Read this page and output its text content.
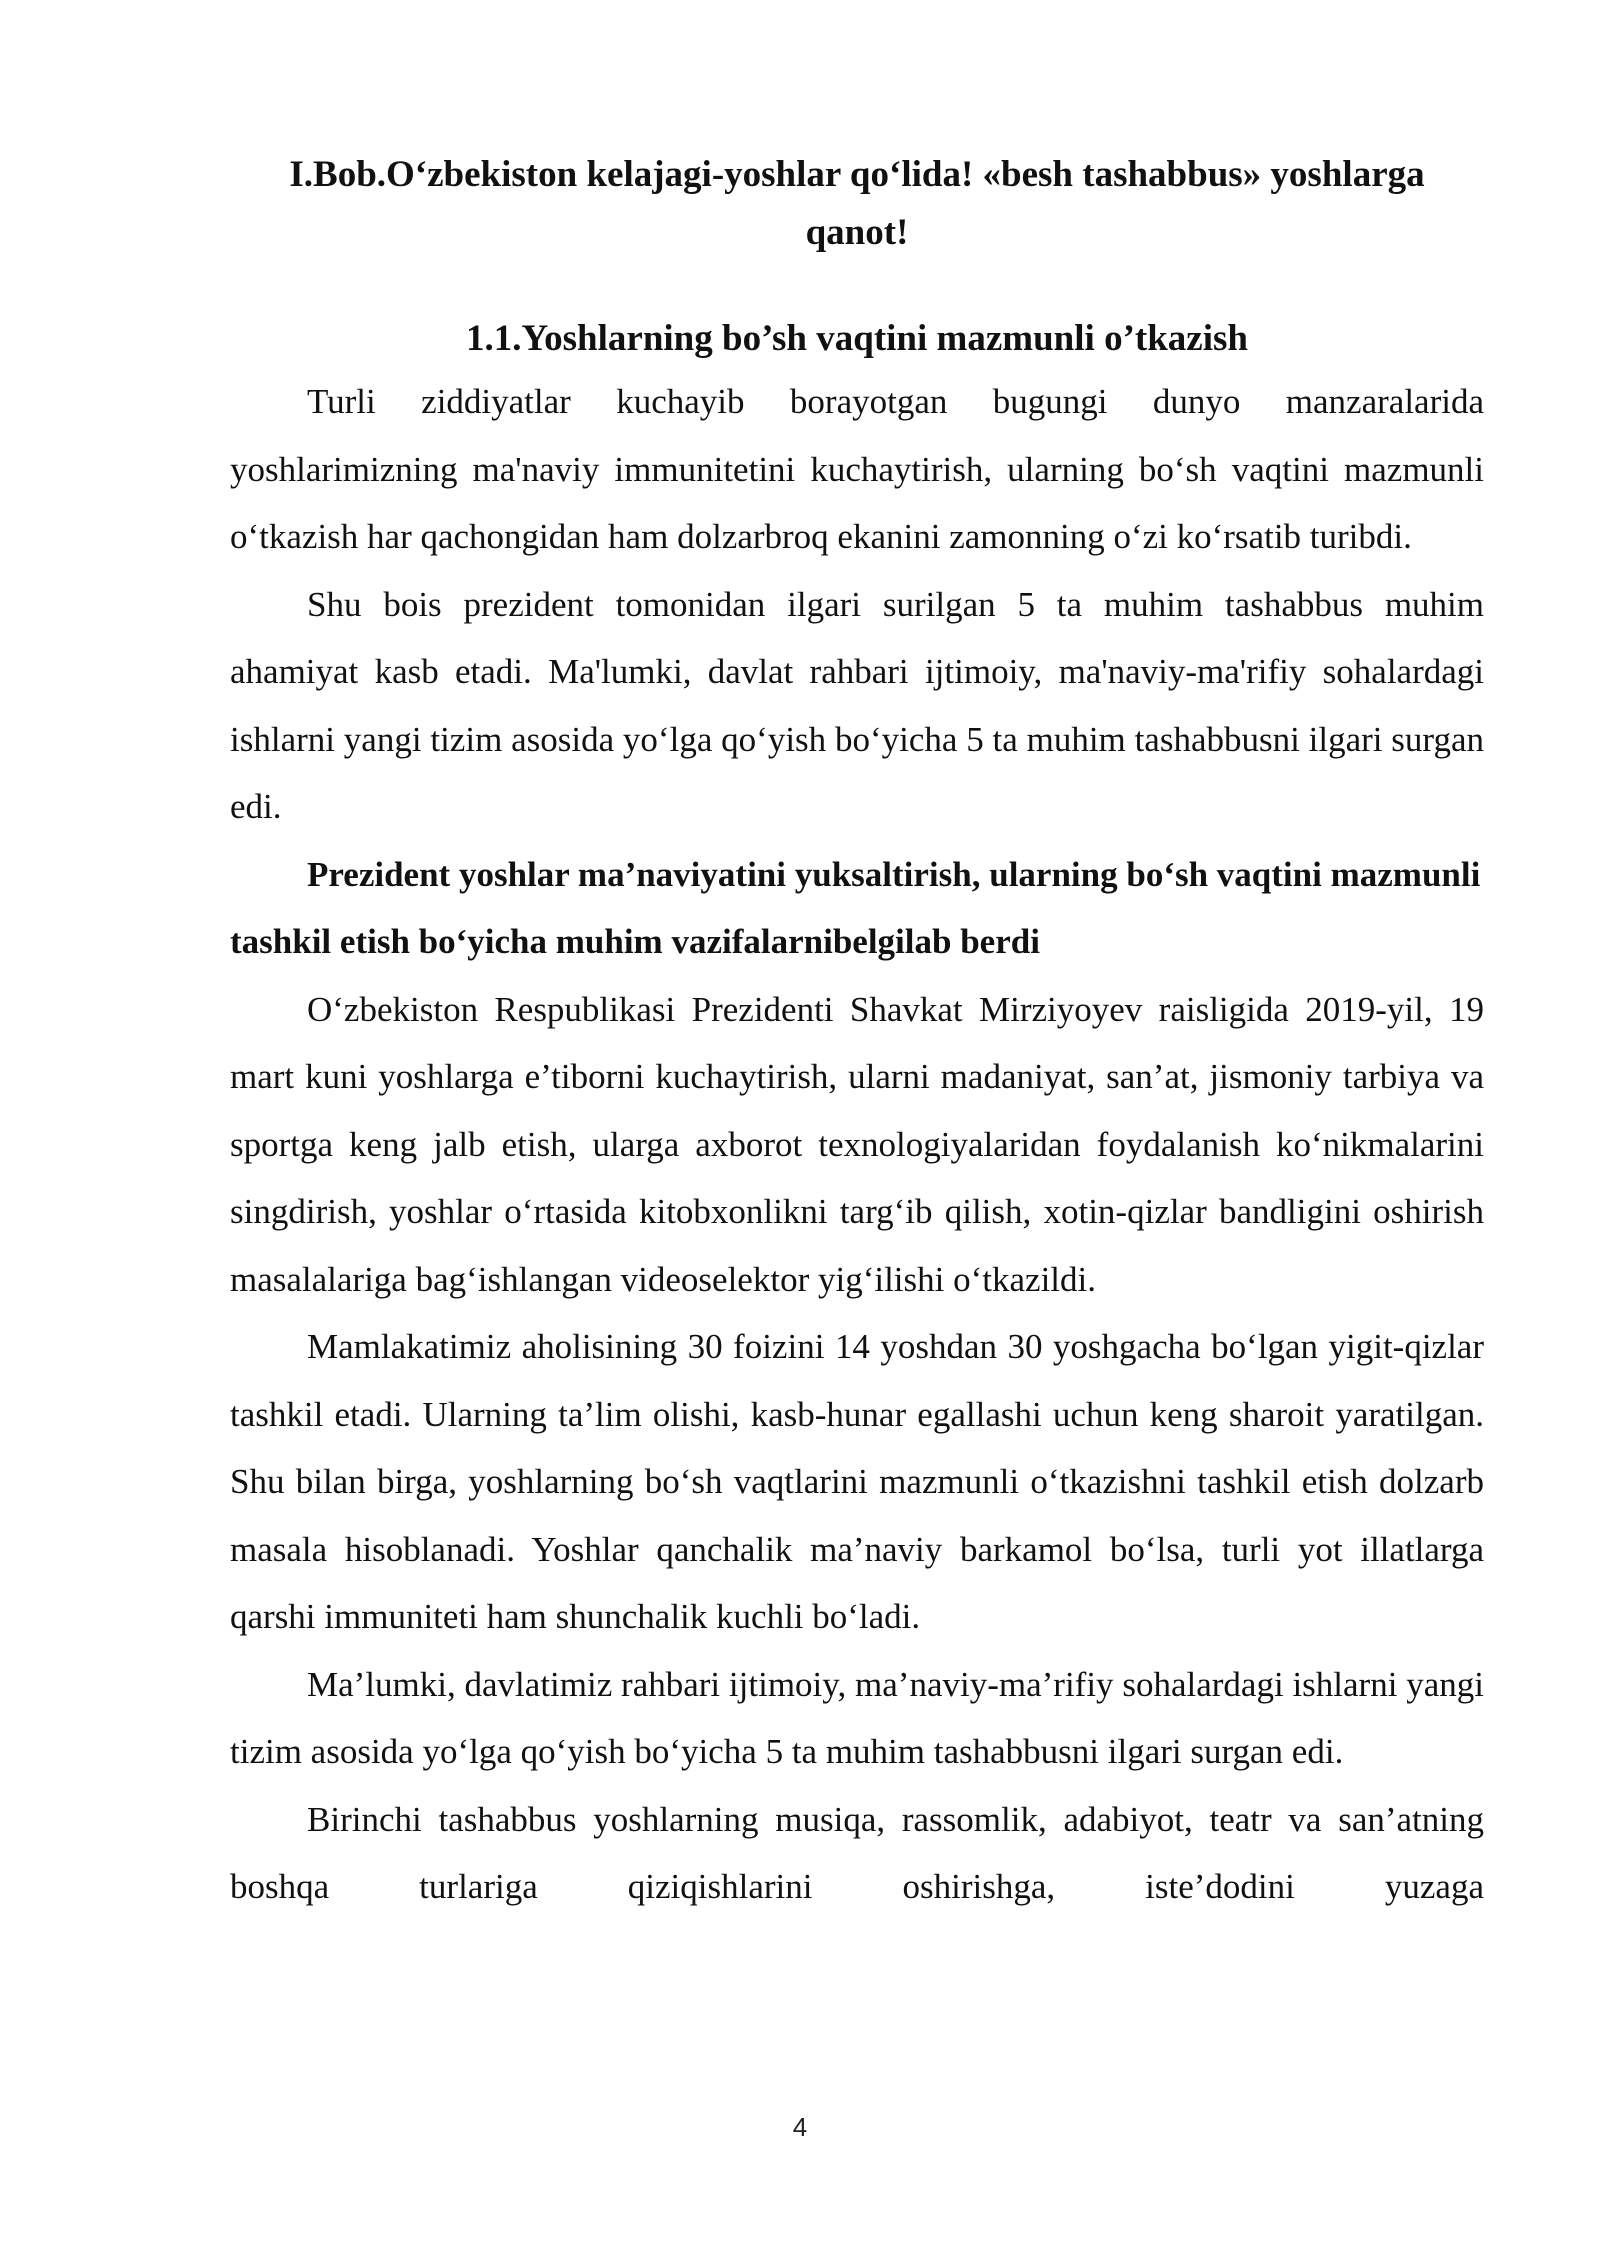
I.Bob.O‘zbekiston kelajagi-yoshlar qo‘lida! «besh tashabbus» yoshlarga qanot!
1.1.Yoshlarning bo’sh vaqtini mazmunli o’tkazish

Turli ziddiyatlar kuchayib borayotgan bugungi dunyo manzaralarida yoshlarimizning ma'naviy immunitetini kuchaytirish, ularning bo‘sh vaqtini mazmunli o‘tkazish har qachongidan ham dolzarbroq ekanini zamonning o‘zi ko‘rsatib turibdi.

Shu bois prezident tomonidan ilgari surilgan 5 ta muhim tashabbus muhim ahamiyat kasb etadi. Ma'lumki, davlat rahbari ijtimoiy, ma'naviy-ma'rifiy sohalardagi ishlarni yangi tizim asosida yo‘lga qo‘yish bo‘yicha 5 ta muhim tashabbusni ilgari surgan edi.

Prezident yoshlar ma’naviyatini yuksaltirish, ularning bo‘sh vaqtini mazmunli tashkil etish bo‘yicha muhim vazifalarnibelgilab berdi

O‘zbekiston Respublikasi Prezidenti Shavkat Mirziyoyev raisligida 2019-yil, 19 mart kuni yoshlarga e’tiborni kuchaytirish, ularni madaniyat, san’at, jismoniy tarbiya va sportga keng jalb etish, ularga axborot texnologiyalaridan foydalanish ko‘nikmalarini singdirish, yoshlar o‘rtasida kitobxonlikni targ‘ib qilish, xotin-qizlar bandligini oshirish masalalariga bag‘ishlangan videoselektor yig‘ilishi o‘tkazildi.

Mamlakatimiz aholisining 30 foizini 14 yoshdan 30 yoshgacha bo‘lgan yigit-qizlar tashkil etadi. Ularning ta’lim olishi, kasb-hunar egallashi uchun keng sharoit yaratilgan. Shu bilan birga, yoshlarning bo‘sh vaqtlarini mazmunli o‘tkazishni tashkil etish dolzarb masala hisoblanadi. Yoshlar qanchalik ma’naviy barkamol bo‘lsa, turli yot illatlarga qarshi immuniteti ham shunchalik kuchli bo‘ladi.

Ma’lumki, davlatimiz rahbari ijtimoiy, ma’naviy-ma’rifiy sohalardagi ishlarni yangi tizim asosida yo‘lga qo‘yish bo‘yicha 5 ta muhim tashabbusni ilgari surgan edi.

Birinchi tashabbus yoshlarning musiqa, rassomlik, adabiyot, teatr va san’atning boshqa turlariga qiziqishlarini oshirishga, iste’dodini yuzaga

4
